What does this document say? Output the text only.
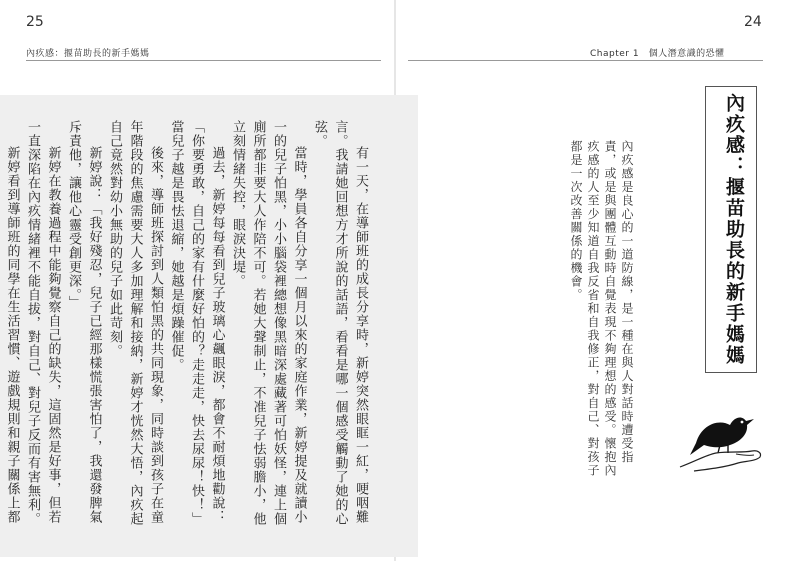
25
內疚感：揠苗助長的新手媽媽
有一天，在導師班的成長分享時，新婷突然眼眶一紅，哽咽難言。我請她回想方才所說的話語，看看是哪一個感受觸動了她的心弦。
當時，學員各自分享一個月以來的家庭作業，新婷提及就讀小一的兒子怕黑，小小腦袋裡總想像黑暗深處藏著可怕妖怪，連上個廁所都非要大人作陪不可。若她大聲制止，不准兒子怯弱膽小，他立刻情緒失控，眼淚決堤。
過去，新婷每每看到兒子玻璃心飆眼淚，都會不耐煩地勸說：「你要勇敢，自己的家有什麼好怕的？走走走，快去尿尿！快！」當兒子越是畏怯退縮，她越是煩躁催促。
後來，導師班探討到人類怕黑的共同現象，同時談到孩子在童年階段的焦慮需要大人多加理解和接納，新婷才恍然大悟，內疚起自己竟然對幼小無助的兒子如此苛刻。
新婷說：「我好殘忍，兒子已經那樣慌張害怕了，我還發脾氣斥責他，讓他心靈受創更深。」
新婷在教養過程中能夠覺察自己的缺失，這固然是好事，但若一直深陷在內疚情緒裡不能自拔，對自己、對兒子反而有害無利。
新婷看到導師班的同學在生活習慣、遊戲規則和親子關係上都
24
Chapter 1　個人潛意識的恐懼
內疚感：揠苗助長的新手媽媽
內疚感是良心的一道防線，是一種在與人對話時遭受指責，或是與團體互動時自覺表現不夠理想的感受。懷抱內疚感的人至少知道自我反省和自我修正，對自己、對孩子都是一次改善關係的機會。
